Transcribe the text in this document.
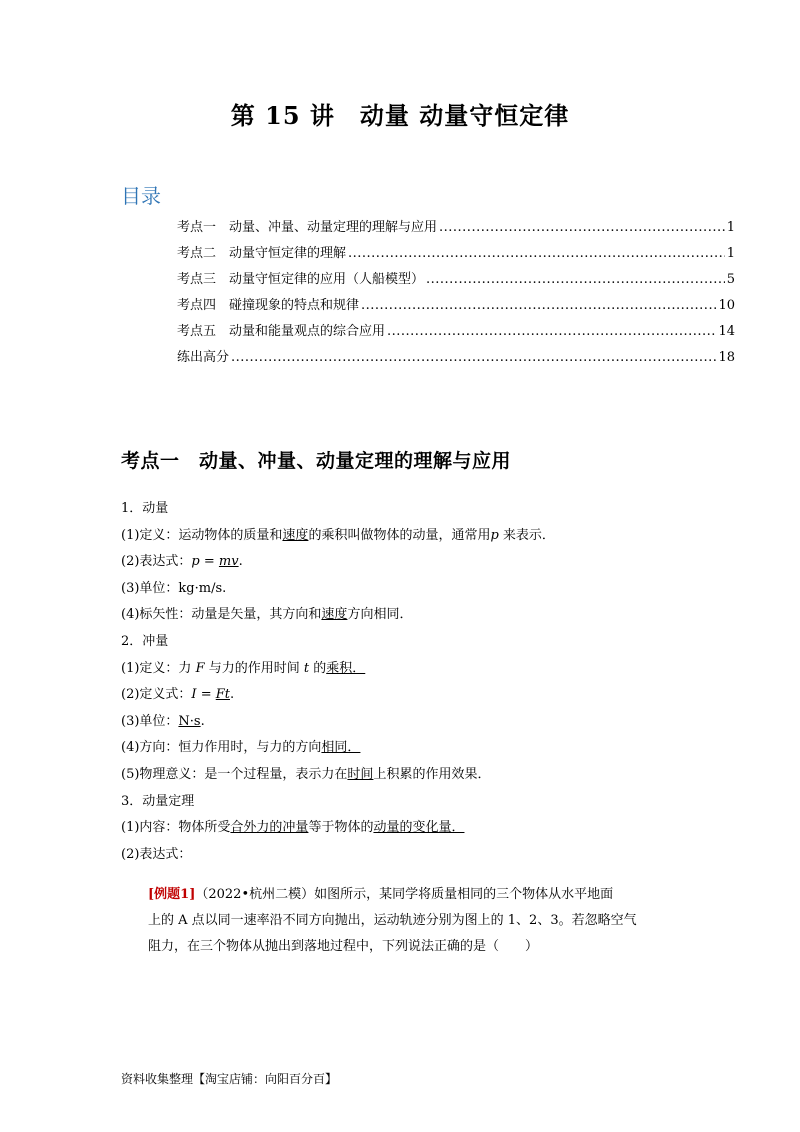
第 15 讲　动量 动量守恒定律
目录
考点一　动量、冲量、动量定理的理解与应用 .....	1
考点二　动量守恒定律的理解 .....	1
考点三　动量守恒定律的应用（人船模型） .....	5
考点四　碰撞现象的特点和规律 .....	10
考点五　动量和能量观点的综合应用 .....	14
练出高分 .....	18
考点一　动量、冲量、动量定理的理解与应用
1．动量
(1)定义：运动物体的质量和速度的乘积叫做物体的动量，通常用p 来表示．
(2)表达式：p = mv.
(3)单位：kg·m/s.
(4)标矢性：动量是矢量，其方向和速度方向相同．
2．冲量
(1)定义：力 F 与力的作用时间 t 的乘积．
(2)定义式：I = Ft.
(3)单位：N·s.
(4)方向：恒力作用时，与力的方向相同．
(5)物理意义：是一个过程量，表示力在时间上积累的作用效果．
3．动量定理
(1)内容：物体所受合外力的冲量等于物体的动量的变化量．
(2)表达式：
[例题1]（2022•杭州二模）如图所示，某同学将质量相同的三个物体从水平地面
上的 A 点以同一速率沿不同方向抛出，运动轨迹分别为图上的 1、2、3。若忽略空气
阻力，在三个物体从抛出到落地过程中，下列说法正确的是（　　）
资料收集整理【淘宝店铺：向阳百分百】
